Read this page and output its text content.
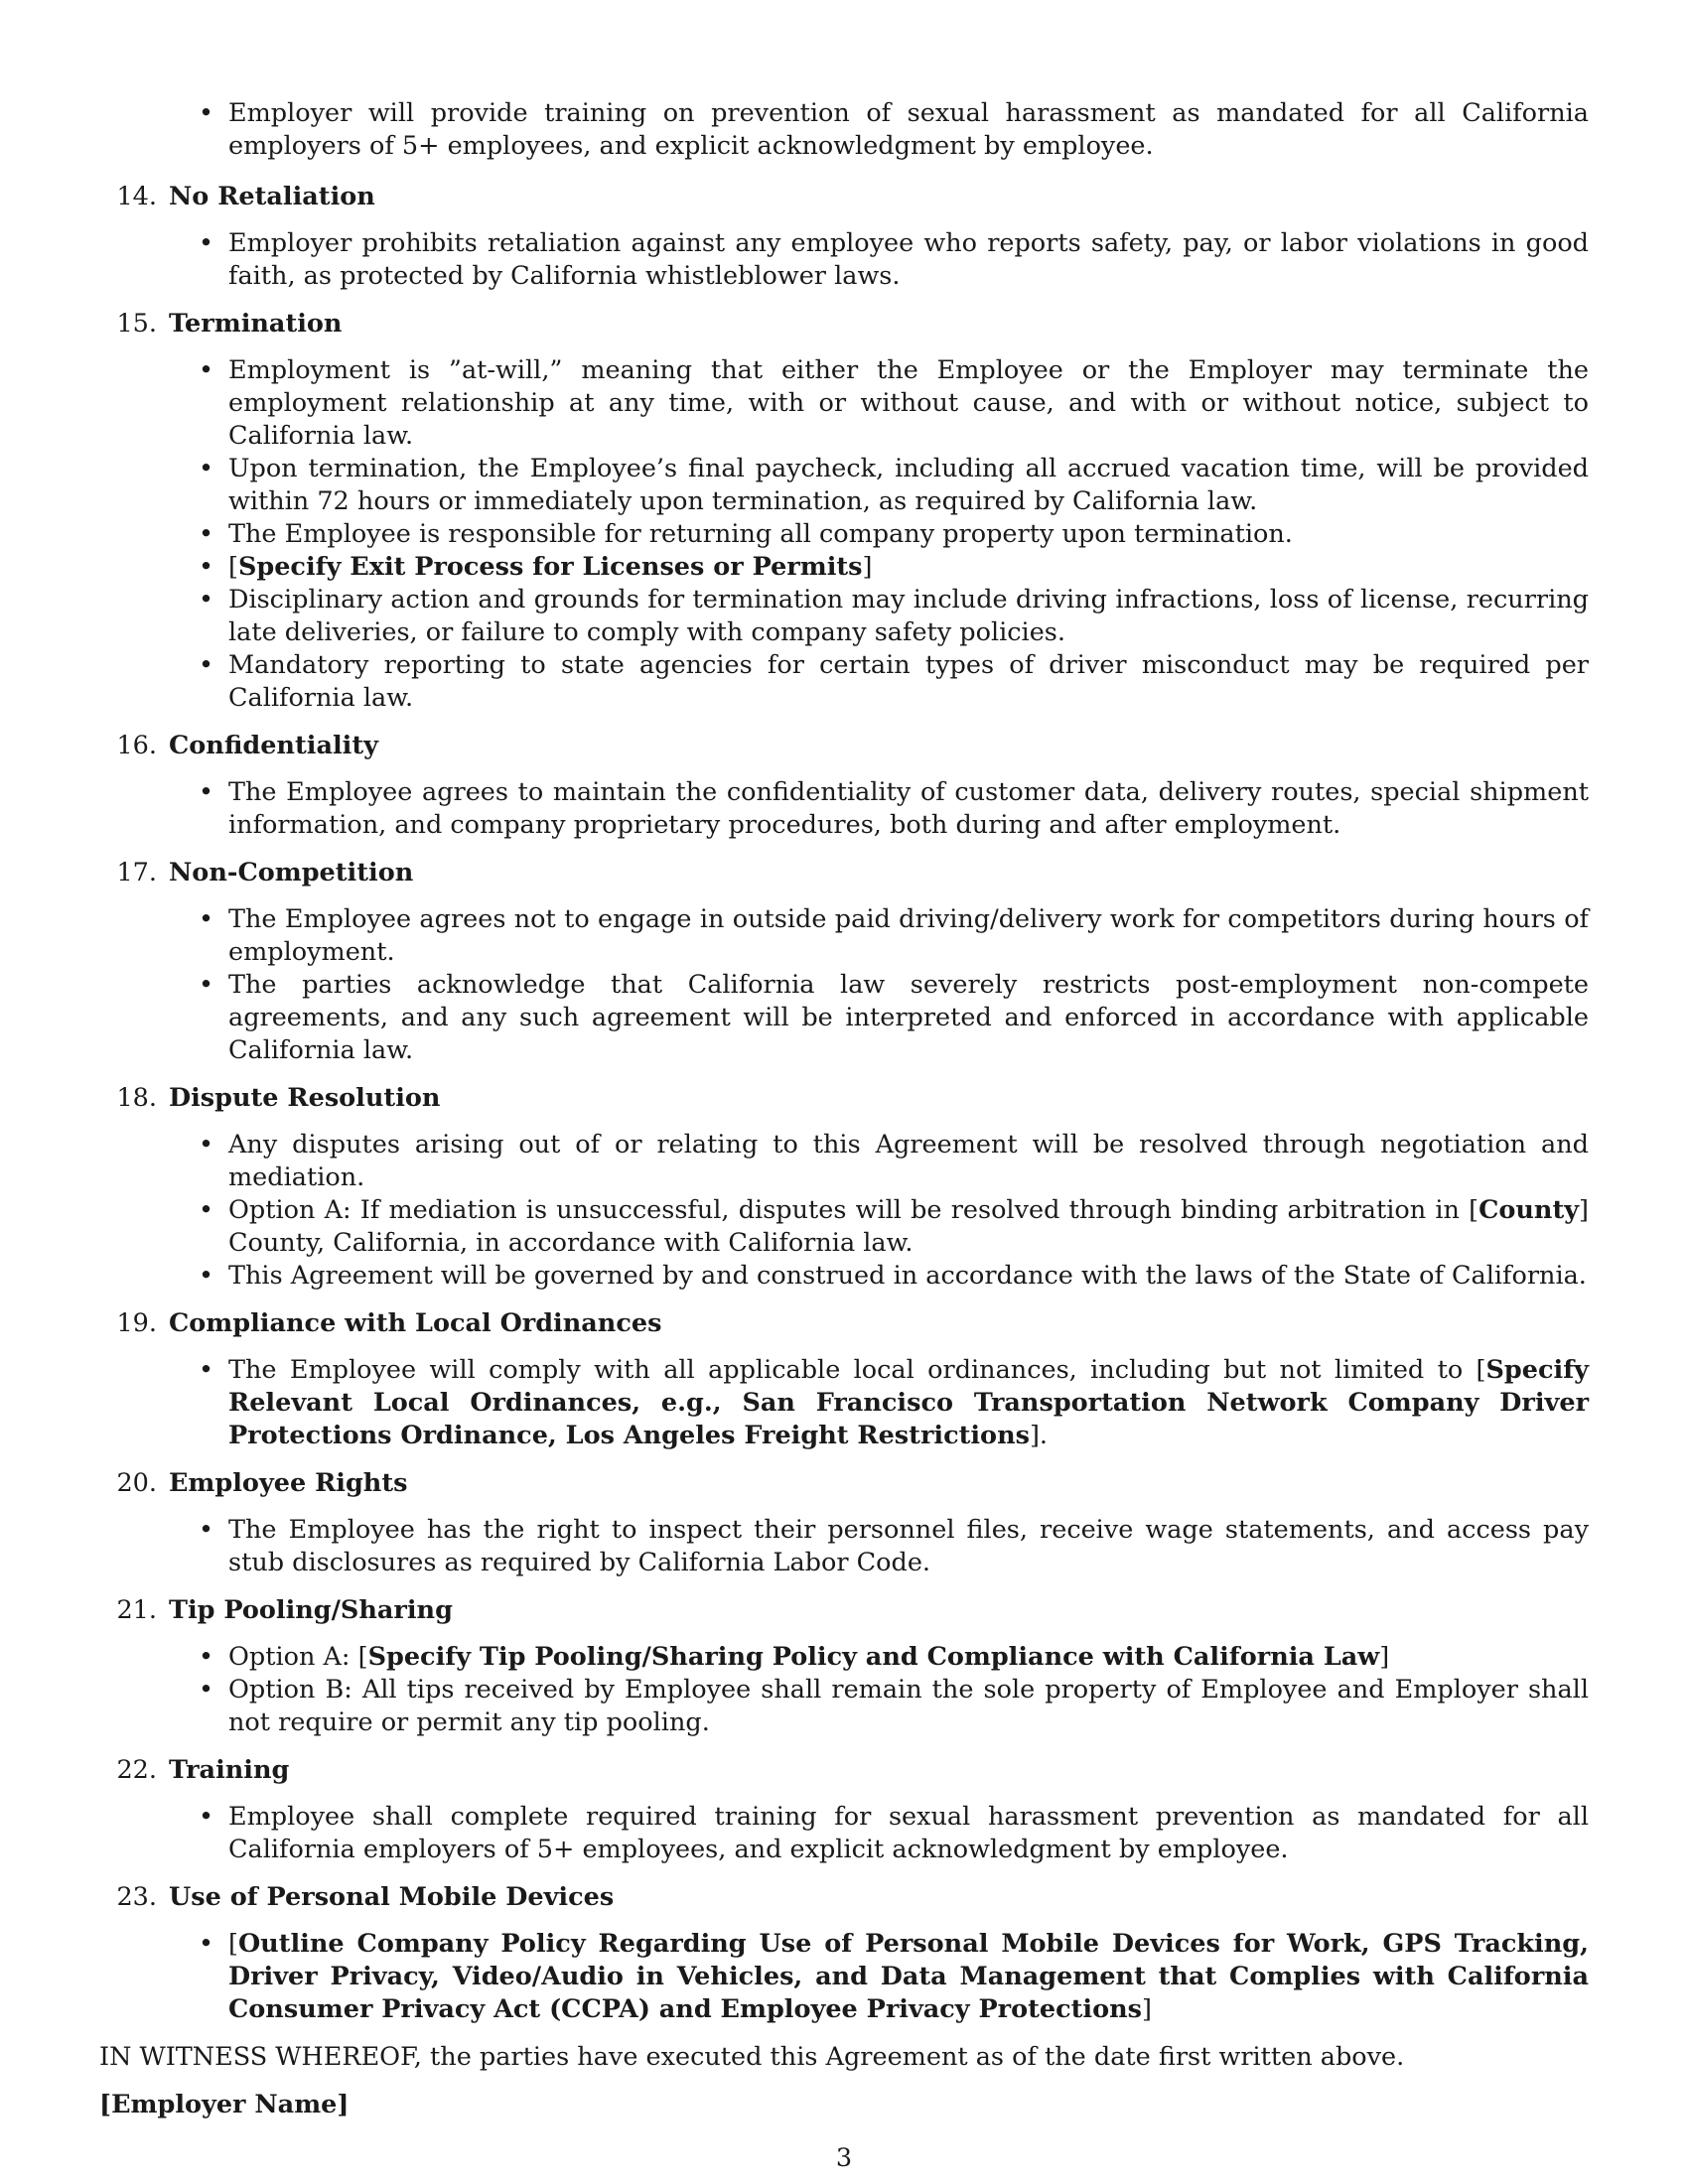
• Employer will provide training on prevention of sexual harassment as mandated for all California employers of 5+ employees, and explicit acknowledgment by employee.
14. No Retaliation
• Employer prohibits retaliation against any employee who reports safety, pay, or labor violations in good faith, as protected by California whistleblower laws.
15. Termination
• Employment is ”at-will,” meaning that either the Employee or the Employer may terminate the employment relationship at any time, with or without cause, and with or without notice, subject to California law.
• Upon termination, the Employee’s final paycheck, including all accrued vacation time, will be provided within 72 hours or immediately upon termination, as required by California law.
• The Employee is responsible for returning all company property upon termination.
• [Specify Exit Process for Licenses or Permits]
• Disciplinary action and grounds for termination may include driving infractions, loss of license, recurring late deliveries, or failure to comply with company safety policies.
• Mandatory reporting to state agencies for certain types of driver misconduct may be required per California law.
16. Confidentiality
• The Employee agrees to maintain the confidentiality of customer data, delivery routes, special shipment information, and company proprietary procedures, both during and after employment.
17. Non-Competition
• The Employee agrees not to engage in outside paid driving/delivery work for competitors during hours of employment.
• The parties acknowledge that California law severely restricts post-employment non-compete agreements, and any such agreement will be interpreted and enforced in accordance with applicable California law.
18. Dispute Resolution
• Any disputes arising out of or relating to this Agreement will be resolved through negotiation and mediation.
• Option A: If mediation is unsuccessful, disputes will be resolved through binding arbitration in [County] County, California, in accordance with California law.
• This Agreement will be governed by and construed in accordance with the laws of the State of California.
19. Compliance with Local Ordinances
• The Employee will comply with all applicable local ordinances, including but not limited to [Specify Relevant Local Ordinances, e.g., San Francisco Transportation Network Company Driver Protections Ordinance, Los Angeles Freight Restrictions].
20. Employee Rights
• The Employee has the right to inspect their personnel files, receive wage statements, and access pay stub disclosures as required by California Labor Code.
21. Tip Pooling/Sharing
• Option A: [Specify Tip Pooling/Sharing Policy and Compliance with California Law]
• Option B: All tips received by Employee shall remain the sole property of Employee and Employer shall not require or permit any tip pooling.
22. Training
• Employee shall complete required training for sexual harassment prevention as mandated for all California employers of 5+ employees, and explicit acknowledgment by employee.
23. Use of Personal Mobile Devices
• [Outline Company Policy Regarding Use of Personal Mobile Devices for Work, GPS Tracking, Driver Privacy, Video/Audio in Vehicles, and Data Management that Complies with California Consumer Privacy Act (CCPA) and Employee Privacy Protections]

IN WITNESS WHEREOF, the parties have executed this Agreement as of the date first written above.

[Employer Name]
3
